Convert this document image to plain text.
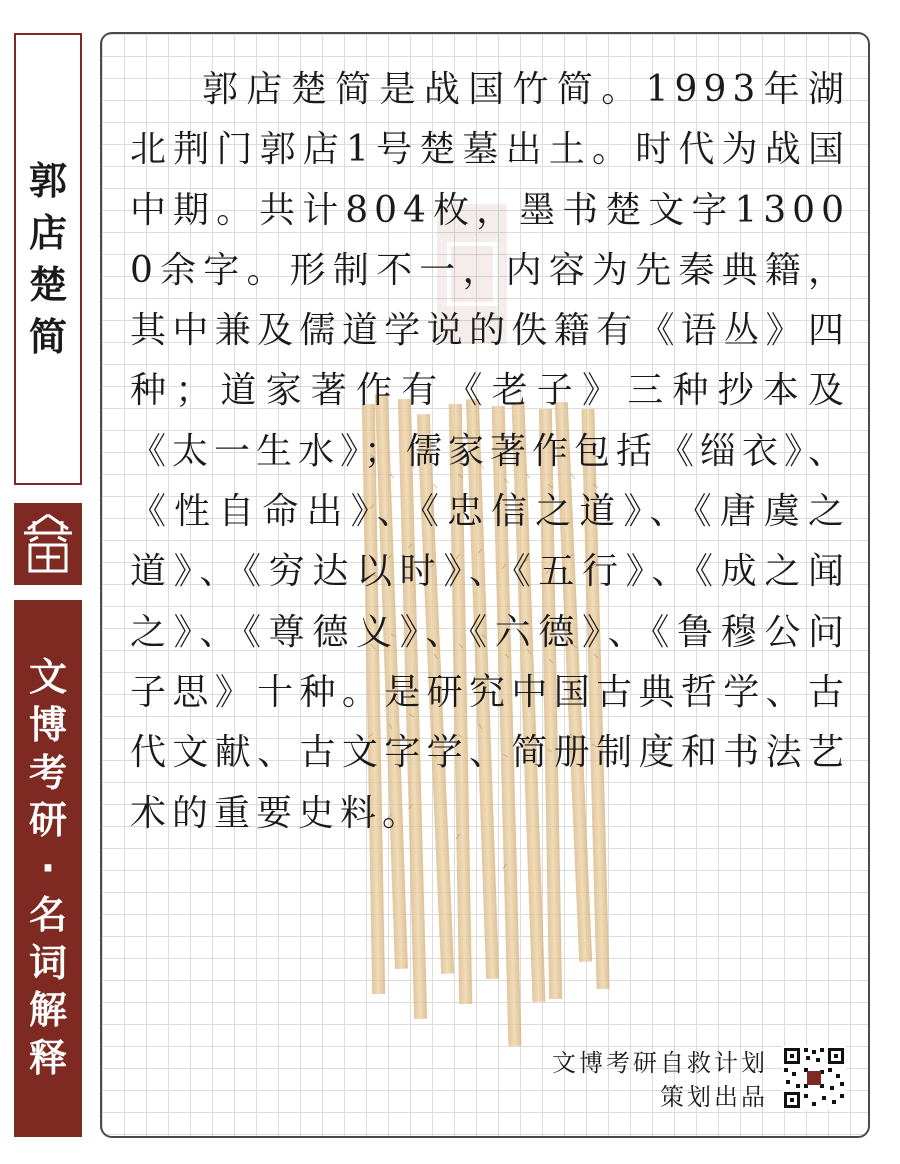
郭
店
楚
简
文
博
考
研
·
名
词
解
释

郭店楚简是战国竹简。1993年湖北荆门郭店1号楚墓出土。时代为战国中期。共计804枚，墨书楚文字13000余字。形制不一，内容为先秦典籍，其中兼及儒道学说的佚籍有《语丛》四种；道家著作有《老子》三种抄本及《太一生水》；儒家著作包括《缁衣》、《性自命出》、《忠信之道》、《唐虞之道》、《穷达以时》、《五行》、《成之闻之》、《尊德义》、《六德》、《鲁穆公问子思》十种。是研究中国古典哲学、古代文献、古文字学、简册制度和书法艺术的重要史料。

文博考研自救计划
策划出品
